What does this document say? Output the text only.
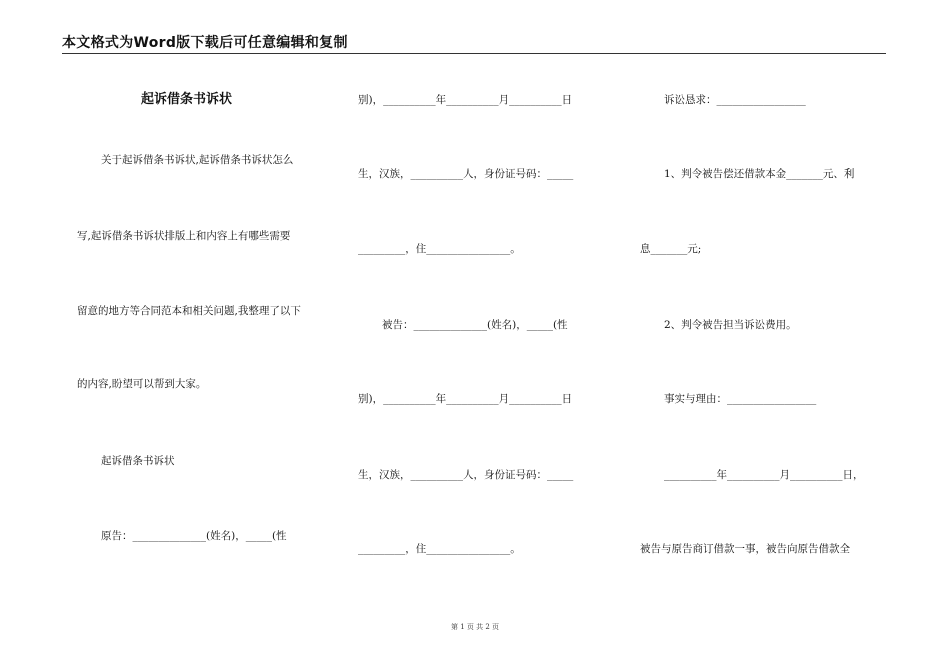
本文格式为Word版下载后可任意编辑和复制
起诉借条书诉状
关于起诉借条书诉状,起诉借条书诉状怎么
写,起诉借条书诉状排版上和内容上有哪些需要
留意的地方等合同范本和相关问题,我整理了以下
的内容,盼望可以帮到大家。
起诉借条书诉状
原告：______________(姓名)，_____(性
别)，__________年__________月__________日
生，汉族，__________人，身份证号码：_____
_________，住________________。
被告：______________(姓名)，_____(性
别)，__________年__________月__________日
生，汉族，__________人，身份证号码：_____
_________，住________________。
诉讼恳求：_________________
1、判令被告偿还借款本金_______元、利
息_______元;
2、判令被告担当诉讼费用。
事实与理由：_________________
__________年__________月__________日，
被告与原告商订借款一事，被告向原告借款全
第 1 页 共 2 页
